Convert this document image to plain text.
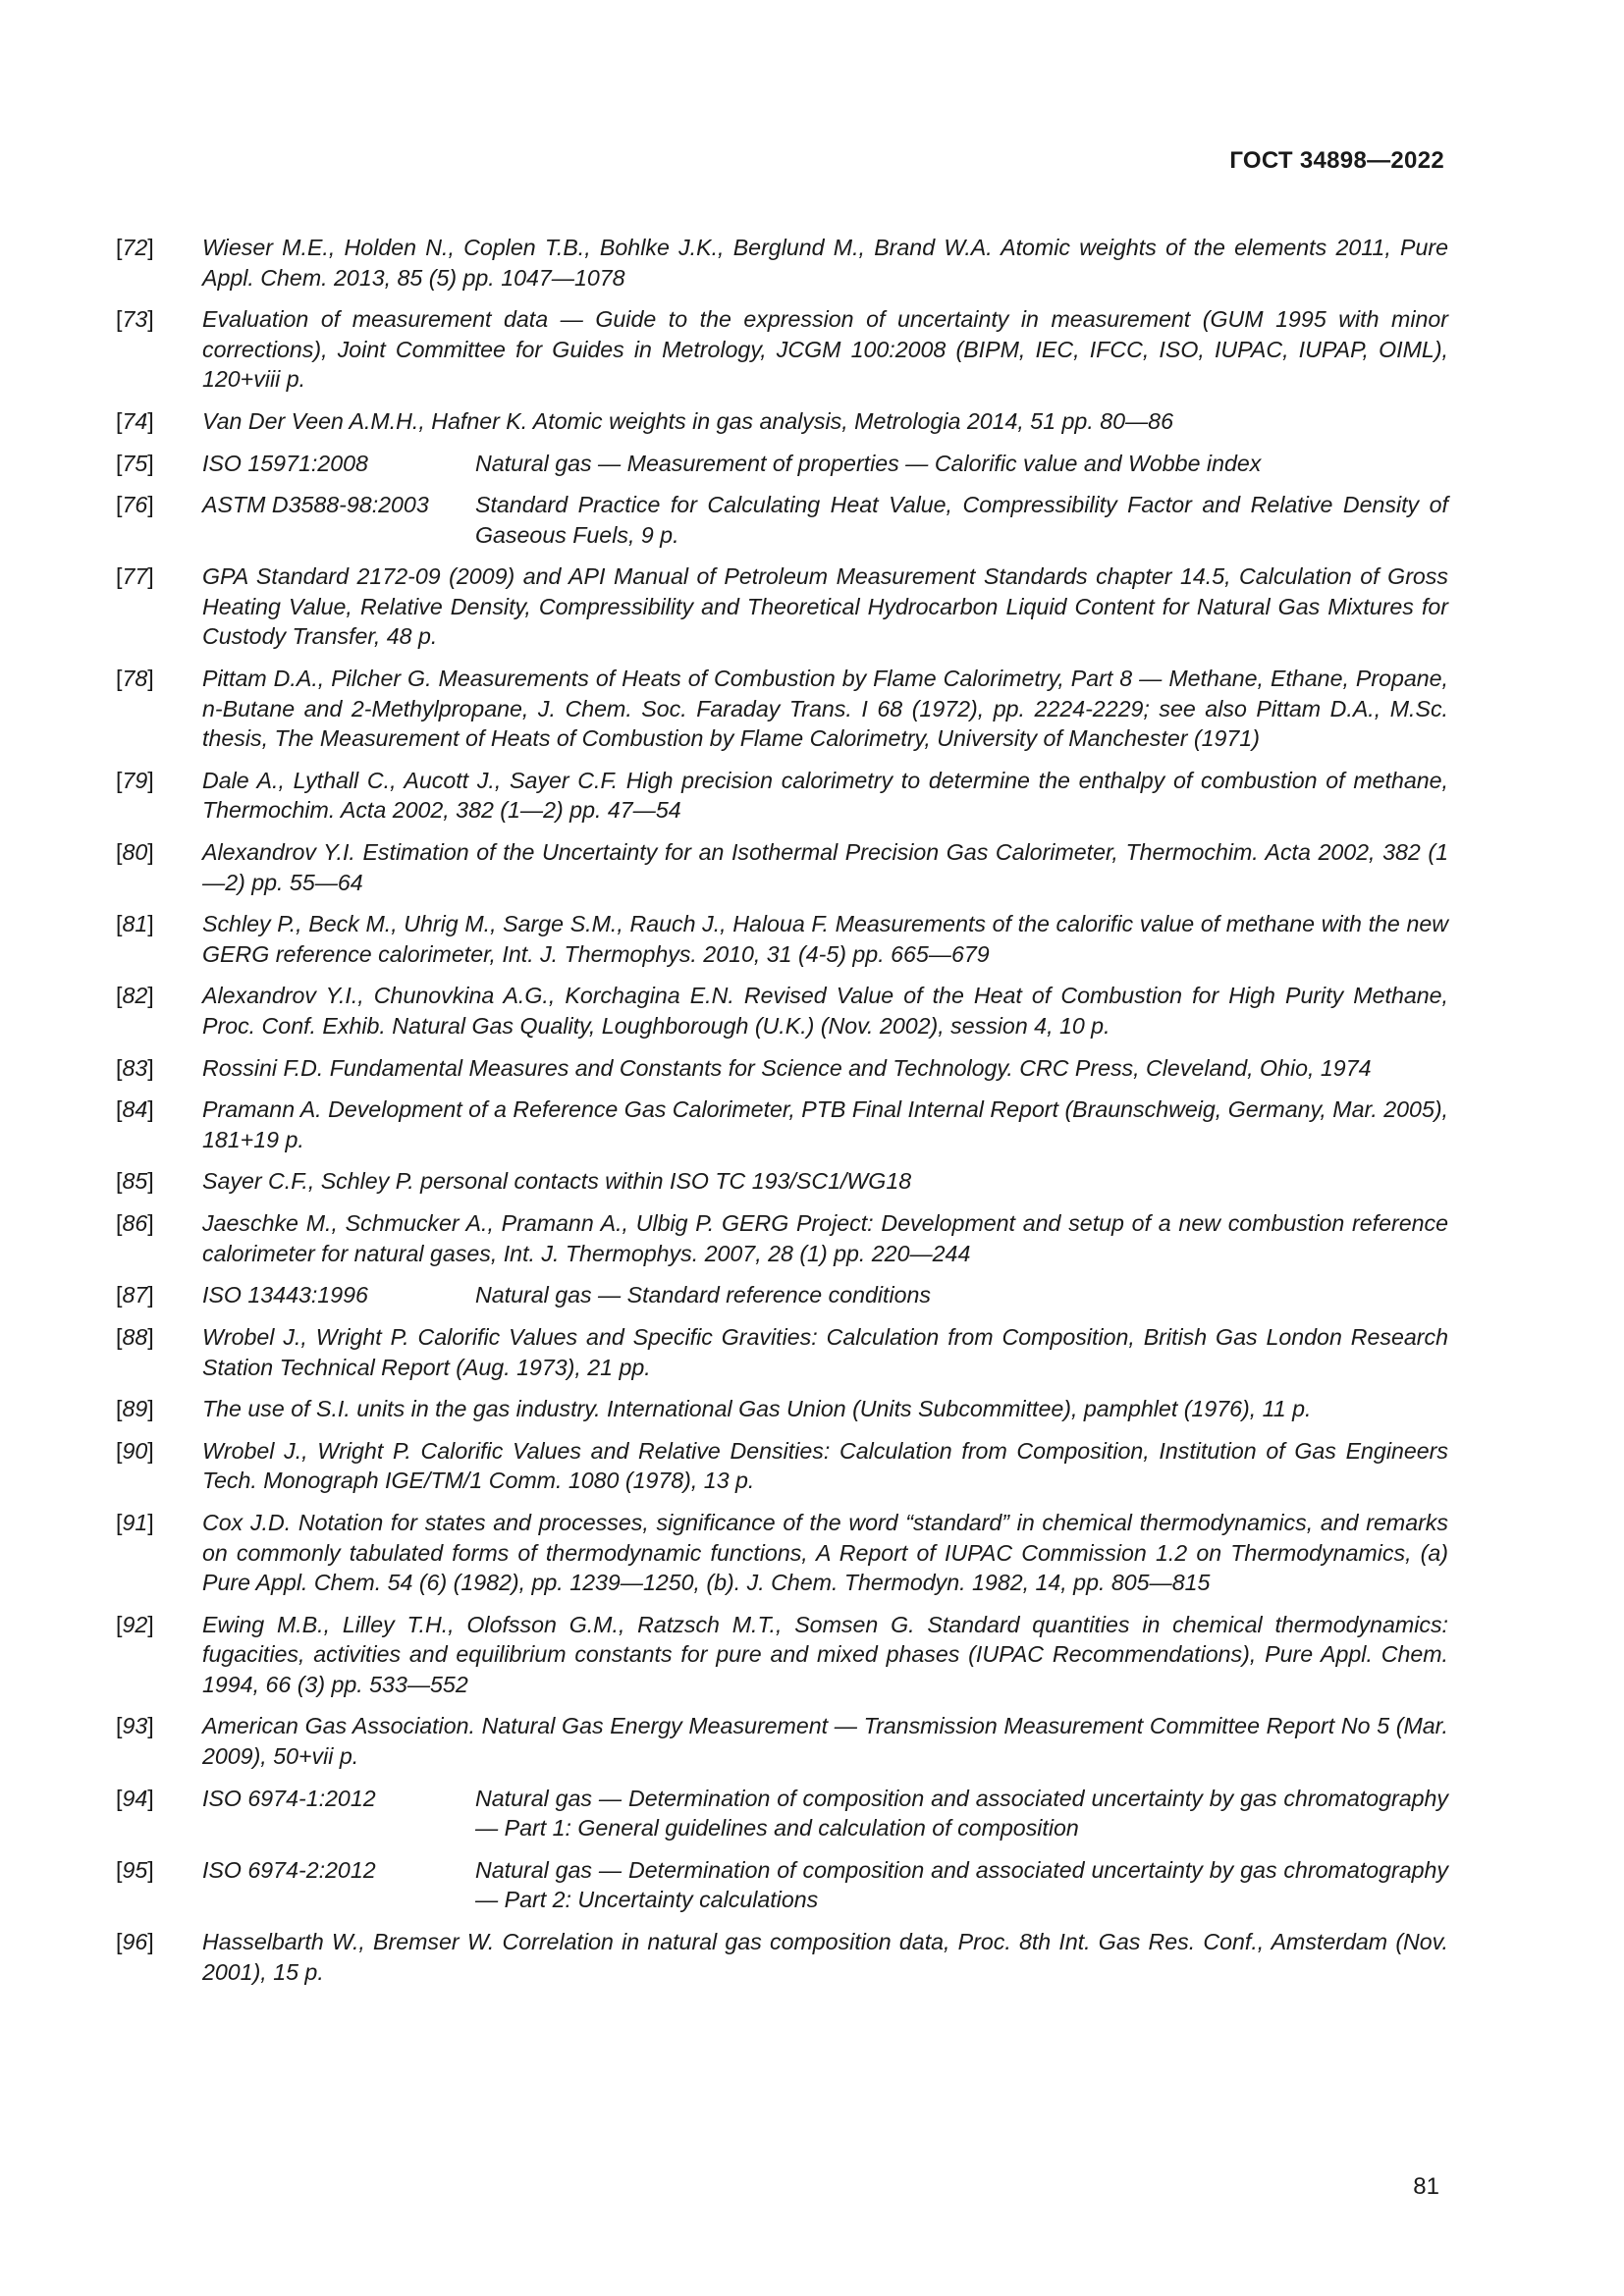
ГОСТ 34898—2022
[72] Wieser M.E., Holden N., Coplen T.B., Bohlke J.K., Berglund M., Brand W.A. Atomic weights of the elements 2011, Pure Appl. Chem. 2013, 85 (5) pp. 1047—1078
[73] Evaluation of measurement data — Guide to the expression of uncertainty in measurement (GUM 1995 with minor corrections), Joint Committee for Guides in Metrology, JCGM 100:2008 (BIPM, IEC, IFCC, ISO, IUPAC, IUPAP, OIML), 120+viii p.
[74] Van Der Veen A.M.H., Hafner K. Atomic weights in gas analysis, Metrologia 2014, 51 pp. 80—86
[75] ISO 15971:2008	Natural gas — Measurement of properties — Calorific value and Wobbe index
[76] ASTM D3588-98:2003	Standard Practice for Calculating Heat Value, Compressibility Factor and Relative Density of Gaseous Fuels, 9 p.
[77] GPA Standard 2172-09 (2009) and API Manual of Petroleum Measurement Standards chapter 14.5, Calculation of Gross Heating Value, Relative Density, Compressibility and Theoretical Hydrocarbon Liquid Content for Natural Gas Mixtures for Custody Transfer, 48 p.
[78] Pittam D.A., Pilcher G. Measurements of Heats of Combustion by Flame Calorimetry, Part 8 — Methane, Ethane, Propane, n-Butane and 2-Methylpropane, J. Chem. Soc. Faraday Trans. I 68 (1972), pp. 2224-2229; see also Pittam D.A., M.Sc. thesis, The Measurement of Heats of Combustion by Flame Calorimetry, University of Manchester (1971)
[79] Dale A., Lythall C., Aucott J., Sayer C.F. High precision calorimetry to determine the enthalpy of combustion of methane, Thermochim. Acta 2002, 382 (1—2) pp. 47—54
[80] Alexandrov Y.I. Estimation of the Uncertainty for an Isothermal Precision Gas Calorimeter, Thermochim. Acta 2002, 382 (1—2) pp. 55—64
[81] Schley P., Beck M., Uhrig M., Sarge S.M., Rauch J., Haloua F. Measurements of the calorific value of methane with the new GERG reference calorimeter, Int. J. Thermophys. 2010, 31 (4-5) pp. 665—679
[82] Alexandrov Y.I., Chunovkina A.G., Korchagina E.N. Revised Value of the Heat of Combustion for High Purity Methane, Proc. Conf. Exhib. Natural Gas Quality, Loughborough (U.K.) (Nov. 2002), session 4, 10 p.
[83] Rossini F.D. Fundamental Measures and Constants for Science and Technology. CRC Press, Cleveland, Ohio, 1974
[84] Pramann A. Development of a Reference Gas Calorimeter, PTB Final Internal Report (Braunschweig, Germany, Mar. 2005), 181+19 p.
[85] Sayer C.F., Schley P. personal contacts within ISO TC 193/SC1/WG18
[86] Jaeschke M., Schmucker A., Pramann A., Ulbig P. GERG Project: Development and setup of a new combustion reference calorimeter for natural gases, Int. J. Thermophys. 2007, 28 (1) pp. 220—244
[87] ISO 13443:1996	Natural gas — Standard reference conditions
[88] Wrobel J., Wright P. Calorific Values and Specific Gravities: Calculation from Composition, British Gas London Research Station Technical Report (Aug. 1973), 21 pp.
[89] The use of S.I. units in the gas industry. International Gas Union (Units Subcommittee), pamphlet (1976), 11 p.
[90] Wrobel J., Wright P. Calorific Values and Relative Densities: Calculation from Composition, Institution of Gas Engineers Tech. Monograph IGE/TM/1 Comm. 1080 (1978), 13 p.
[91] Cox J.D. Notation for states and processes, significance of the word “standard” in chemical thermodynamics, and remarks on commonly tabulated forms of thermodynamic functions, A Report of IUPAC Commission 1.2 on Thermodynamics, (a) Pure Appl. Chem. 54 (6) (1982), pp. 1239—1250, (b). J. Chem. Thermodyn. 1982, 14, pp. 805—815
[92] Ewing M.B., Lilley T.H., Olofsson G.M., Ratzsch M.T., Somsen G. Standard quantities in chemical thermodynamics: fugacities, activities and equilibrium constants for pure and mixed phases (IUPAC Recommendations), Pure Appl. Chem. 1994, 66 (3) pp. 533—552
[93] American Gas Association. Natural Gas Energy Measurement — Transmission Measurement Committee Report No 5 (Mar. 2009), 50+vii p.
[94] ISO 6974-1:2012	Natural gas — Determination of composition and associated uncertainty by gas chromatography — Part 1: General guidelines and calculation of composition
[95] ISO 6974-2:2012	Natural gas — Determination of composition and associated uncertainty by gas chromatography — Part 2: Uncertainty calculations
[96] Hasselbarth W., Bremser W. Correlation in natural gas composition data, Proc. 8th Int. Gas Res. Conf., Amsterdam (Nov. 2001), 15 p.
81
